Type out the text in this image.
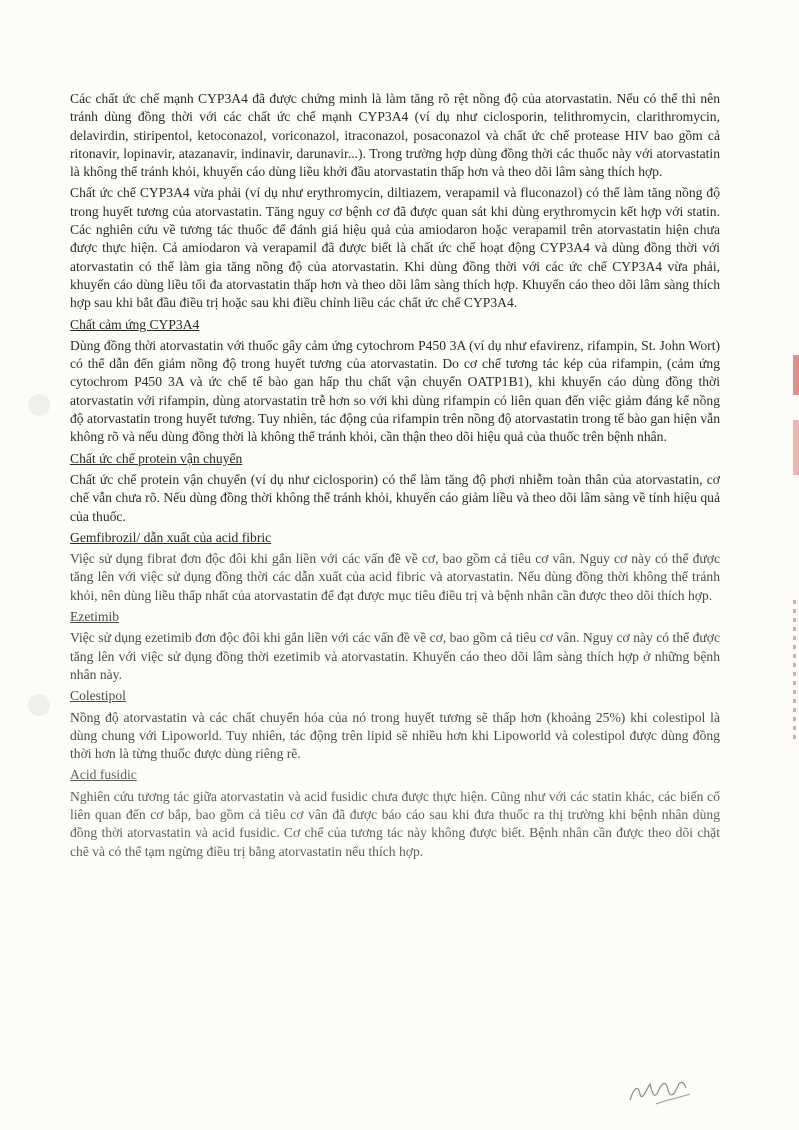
Các chất ức chế mạnh CYP3A4 đã được chứng minh là làm tăng rõ rệt nồng độ của atorvastatin. Nếu có thể thì nên tránh dùng đồng thời với các chất ức chế mạnh CYP3A4 (ví dụ như ciclosporin, telithromycin, clarithromycin, delavirdin, stiripentol, ketoconazol, voriconazol, itraconazol, posaconazol và chất ức chế protease HIV bao gồm cả ritonavir, lopinavir, atazanavir, indinavir, darunavir...). Trong trường hợp dùng đồng thời các thuốc này với atorvastatin là không thể tránh khỏi, khuyến cáo dùng liều khởi đầu atorvastatin thấp hơn và theo dõi lâm sàng thích hợp.

Chất ức chế CYP3A4 vừa phải (ví dụ như erythromycin, diltiazem, verapamil và fluconazol) có thể làm tăng nồng độ trong huyết tương của atorvastatin. Tăng nguy cơ bệnh cơ đã được quan sát khi dùng erythromycin kết hợp với statin. Các nghiên cứu về tương tác thuốc để đánh giá hiệu quả của amiodaron hoặc verapamil trên atorvastatin hiện chưa được thực hiện. Cả amiodaron và verapamil đã được biết là chất ức chế hoạt động CYP3A4 và dùng đồng thời với atorvastatin có thể làm gia tăng nồng độ của atorvastatin. Khi dùng đồng thời với các ức chế CYP3A4 vừa phải, khuyến cáo dùng liều tối đa atorvastatin thấp hơn và theo dõi lâm sàng thích hợp. Khuyến cáo theo dõi lâm sàng thích hợp sau khi bắt đầu điều trị hoặc sau khi điều chỉnh liều các chất ức chế CYP3A4.

Chất cảm ứng CYP3A4

Dùng đồng thời atorvastatin với thuốc gây cảm ứng cytochrom P450 3A (ví dụ như efavirenz, rifampin, St. John Wort) có thể dẫn đến giảm nồng độ trong huyết tương của atorvastatin. Do cơ chế tương tác kép của rifampin, (cảm ứng cytochrom P450 3A và ức chế tế bào gan hấp thu chất vận chuyển OATP1B1), khi khuyến cáo dùng đồng thời atorvastatin với rifampin, dùng atorvastatin trễ hơn so với khi dùng rifampin có liên quan đến việc giảm đáng kể nồng độ atorvastatin trong huyết tương. Tuy nhiên, tác động của rifampin trên nồng độ atorvastatin trong tế bào gan hiện vẫn không rõ và nếu dùng đồng thời là không thể tránh khỏi, cần thận theo dõi hiệu quả của thuốc trên bệnh nhân.

Chất ức chế protein vận chuyển

Chất ức chế protein vận chuyển (ví dụ như ciclosporin) có thể làm tăng độ phơi nhiễm toàn thân của atorvastatin, cơ chế vẫn chưa rõ. Nếu dùng đồng thời không thể tránh khỏi, khuyến cáo giảm liều và theo dõi lâm sàng về tính hiệu quả của thuốc.

Gemfibrozil/ dẫn xuất của acid fibric

Việc sử dụng fibrat đơn độc đôi khi gắn liền với các vấn đề về cơ, bao gồm cả tiêu cơ vân. Nguy cơ này có thể được tăng lên với việc sử dụng đồng thời các dẫn xuất của acid fibric và atorvastatin. Nếu dùng đồng thời không thể tránh khỏi, nên dùng liều thấp nhất của atorvastatin để đạt được mục tiêu điều trị và bệnh nhân cần được theo dõi thích hợp.

Ezetimib

Việc sử dụng ezetimib đơn độc đôi khi gắn liền với các vấn đề về cơ, bao gồm cả tiêu cơ vân. Nguy cơ này có thể được tăng lên với việc sử dụng đồng thời ezetimib và atorvastatin. Khuyến cáo theo dõi lâm sàng thích hợp ở những bệnh nhân này.

Colestipol

Nồng độ atorvastatin và các chất chuyển hóa của nó trong huyết tương sẽ thấp hơn (khoảng 25%) khi colestipol là dùng chung với Lipoworld. Tuy nhiên, tác động trên lipid sẽ nhiều hơn khi Lipoworld và colestipol được dùng đồng thời hơn là từng thuốc được dùng riêng rẽ.

Acid fusidic

Nghiên cứu tương tác giữa atorvastatin và acid fusidic chưa được thực hiện. Cũng như với các statin khác, các biến cố liên quan đến cơ bắp, bao gồm cả tiêu cơ vân đã được báo cáo sau khi đưa thuốc ra thị trường khi bệnh nhân dùng đồng thời atorvastatin và acid fusidic. Cơ chế của tương tác này không được biết. Bệnh nhân cần được theo dõi chặt chẽ và có thể tạm ngừng điều trị bằng atorvastatin nếu thích hợp.
